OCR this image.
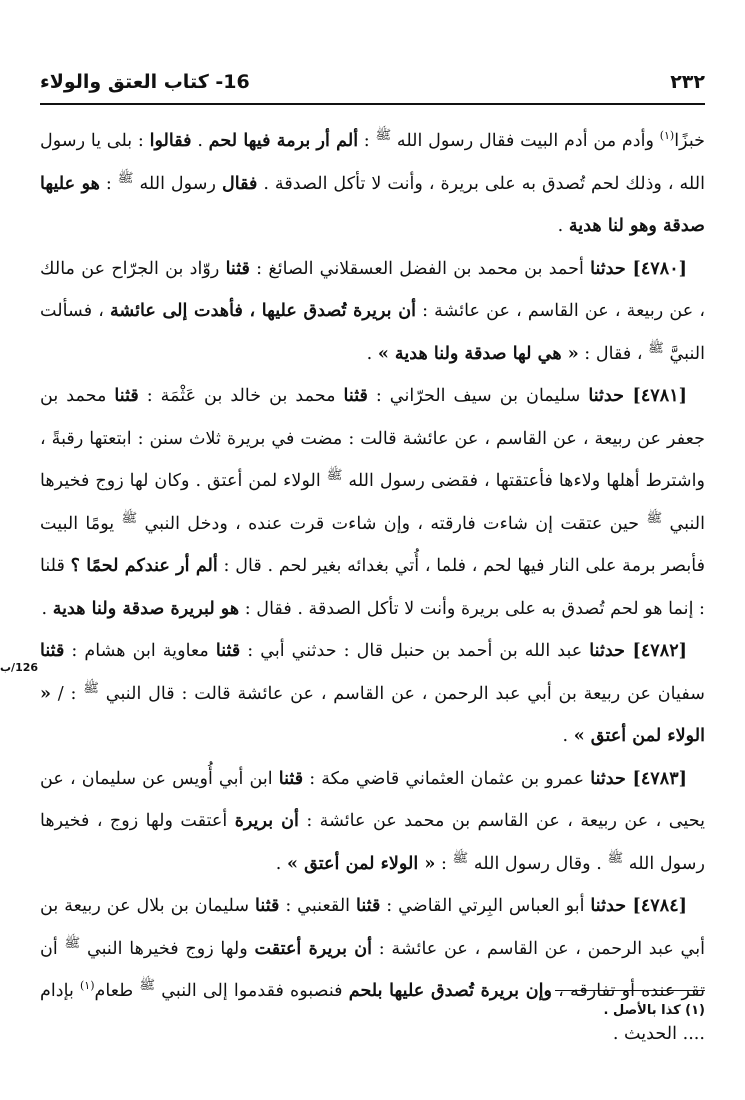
٢٣٢
16- كتاب العتق والولاء

خبزًا$^{(١)}$ وأدم من أدم البيت فقال رسول الله $^ﷺ$ : ألم أر برمة فيها لحم . فقالوا : بلى يا رسول الله ، وذلك لحم تُصدق به على بريرة ، وأنت لا تأكل الصدقة . فقال رسول الله $^ﷺ$ : هو عليها صدقة وهو لنا هدية .

[٤٧٨٠] حدثنا أحمد بن محمد بن الفضل العسقلاني الصائغ : قثنا روّاد بن الجرّاح عن مالك ، عن ربيعة ، عن القاسم ، عن عائشة : أن بريرة تُصدق عليها ، فأهدت إلى عائشة ، فسألت النبيَّ $^ﷺ$ ، فقال : « هي لها صدقة ولنا هدية » .

[٤٧٨١] حدثنا سليمان بن سيف الحرّاني : قثنا محمد بن خالد بن عَثْمَة : قثنا محمد بن جعفر عن ربيعة ، عن القاسم ، عن عائشة قالت : مضت في بريرة ثلاث سنن : ابتعتها رقبةً ، واشترط أهلها ولاءها فأعتقتها ، فقضى رسول الله $^ﷺ$ الولاء لمن أعتق . وكان لها زوج فخيرها النبي $^ﷺ$ حين عتقت إن شاءت فارقته ، وإن شاءت قرت عنده ، ودخل النبي $^ﷺ$ يومًا البيت فأبصر برمة على النار فيها لحم ، فلما ، أُتي بغدائه بغير لحم . قال : ألم أر عندكم لحمًا ؟ قلنا : إنما هو لحم تُصدق به على بريرة وأنت لا تأكل الصدقة . فقال : هو لبريرة صدقة ولنا هدية .

[٤٧٨٢] حدثنا عبد الله بن أحمد بن حنبل قال : حدثني أبي : قثنا معاوية ابن هشام : قثنا سفيان عن ربيعة بن أبي عبد الرحمن ، عن القاسم ، عن عائشة قالت : قال النبي $^ﷺ$ : / « الولاء لمن أعتق » .

[٤٧٨٣] حدثنا عمرو بن عثمان العثماني قاضي مكة : قثنا ابن أبي أُويس عن سليمان ، عن يحيى ، عن ربيعة ، عن القاسم بن محمد عن عائشة : أن بريرة أعتقت ولها زوج ، فخيرها رسول الله $^ﷺ$ . وقال رسول الله $^ﷺ$ : « الولاء لمن أعتق » .

[٤٧٨٤] حدثنا أبو العباس البِرتي القاضي : قثنا القعنبي : قثنا سليمان بن بلال عن ربيعة بن أبي عبد الرحمن ، عن القاسم ، عن عائشة : أن بريرة أعتقت ولها زوج فخيرها النبي $^ﷺ$ أن تقر عنده أو تفارقه ، وإن بريرة تُصدق عليها بلحم فنصبوه فقدموا إلى النبي $^ﷺ$ طعام$^{(١)}$ بإدام .... الحديث .

126/ب
(١) كذا بالأصل .
